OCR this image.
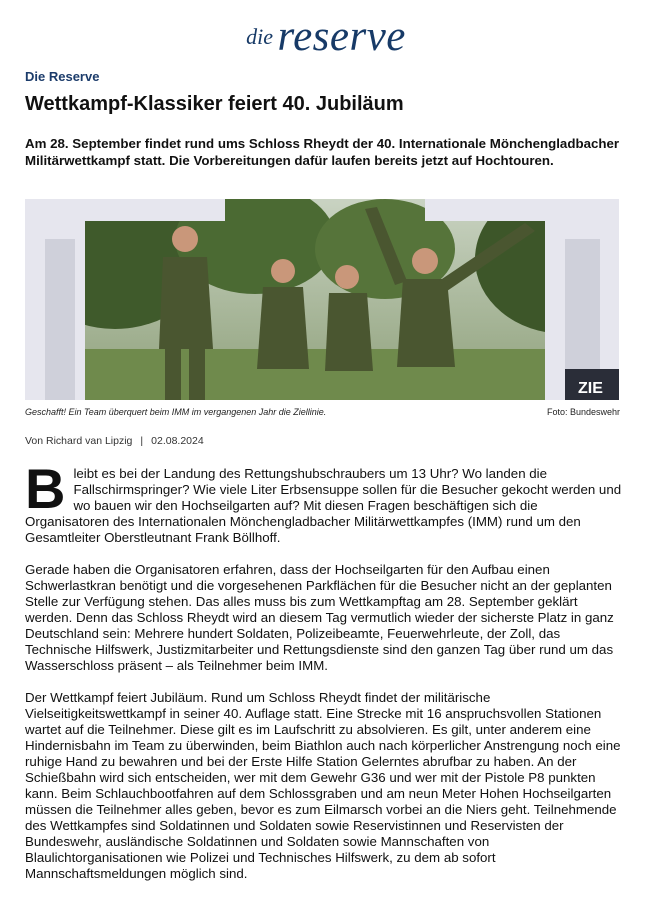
die reserve
Die Reserve
Wettkampf-Klassiker feiert 40. Jubiläum

Am 28. September findet rund ums Schloss Rheydt der 40. Internationale Mönchengladbacher Militärwettkampf statt. Die Vorbereitungen dafür laufen bereits jetzt auf Hochtouren.

ZIE
Geschafft! Ein Team überquert beim IMM im vergangenen Jahr die Ziellinie.	Foto: Bundeswehr
Von Richard van Lipzig | 02.08.2024

Bleibt es bei der Landung des Rettungshubschraubers um 13 Uhr? Wo landen die Fallschirmspringer? Wie viele Liter Erbsensuppe sollen für die Besucher gekocht werden und wo bauen wir den Hochseilgarten auf? Mit diesen Fragen beschäftigen sich die Organisatoren des Internationalen Mönchengladbacher Militärwettkampfes (IMM) rund um den Gesamtleiter Oberstleutnant Frank Böllhoff.

Gerade haben die Organisatoren erfahren, dass der Hochseilgarten für den Aufbau einen Schwerlastkran benötigt und die vorgesehenen Parkflächen für die Besucher nicht an der geplanten Stelle zur Verfügung stehen. Das alles muss bis zum Wettkampftag am 28. September geklärt werden. Denn das Schloss Rheydt wird an diesem Tag vermutlich wieder der sicherste Platz in ganz Deutschland sein: Mehrere hundert Soldaten, Polizeibeamte, Feuerwehrleute, der Zoll, das Technische Hilfswerk, Justizmitarbeiter und Rettungsdienste sind den ganzen Tag über rund um das Wasserschloss präsent – als Teilnehmer beim IMM.

Der Wettkampf feiert Jubiläum. Rund um Schloss Rheydt findet der militärische Vielseitigkeitswettkampf in seiner 40. Auflage statt. Eine Strecke mit 16 anspruchsvollen Stationen wartet auf die Teilnehmer. Diese gilt es im Laufschritt zu absolvieren. Es gilt, unter anderem eine Hindernisbahn im Team zu überwinden, beim Biathlon auch nach körperlicher Anstrengung noch eine ruhige Hand zu bewahren und bei der Erste Hilfe Station Gelerntes abrufbar zu haben. An der Schießbahn wird sich entscheiden, wer mit dem Gewehr G36 und wer mit der Pistole P8 punkten kann. Beim Schlauchbootfahren auf dem Schlossgraben und am neun Meter Hohen Hochseilgarten müssen die Teilnehmer alles geben, bevor es zum Eilmarsch vorbei an die Niers geht. Teilnehmende des Wettkampfes sind Soldatinnen und Soldaten sowie Reservistinnen und Reservisten der Bundeswehr, ausländische Soldatinnen und Soldaten sowie Mannschaften von Blaulichtorganisationen wie Polizei und Technisches Hilfswerk, zu dem ab sofort Mannschaftsmeldungen möglich sind.
